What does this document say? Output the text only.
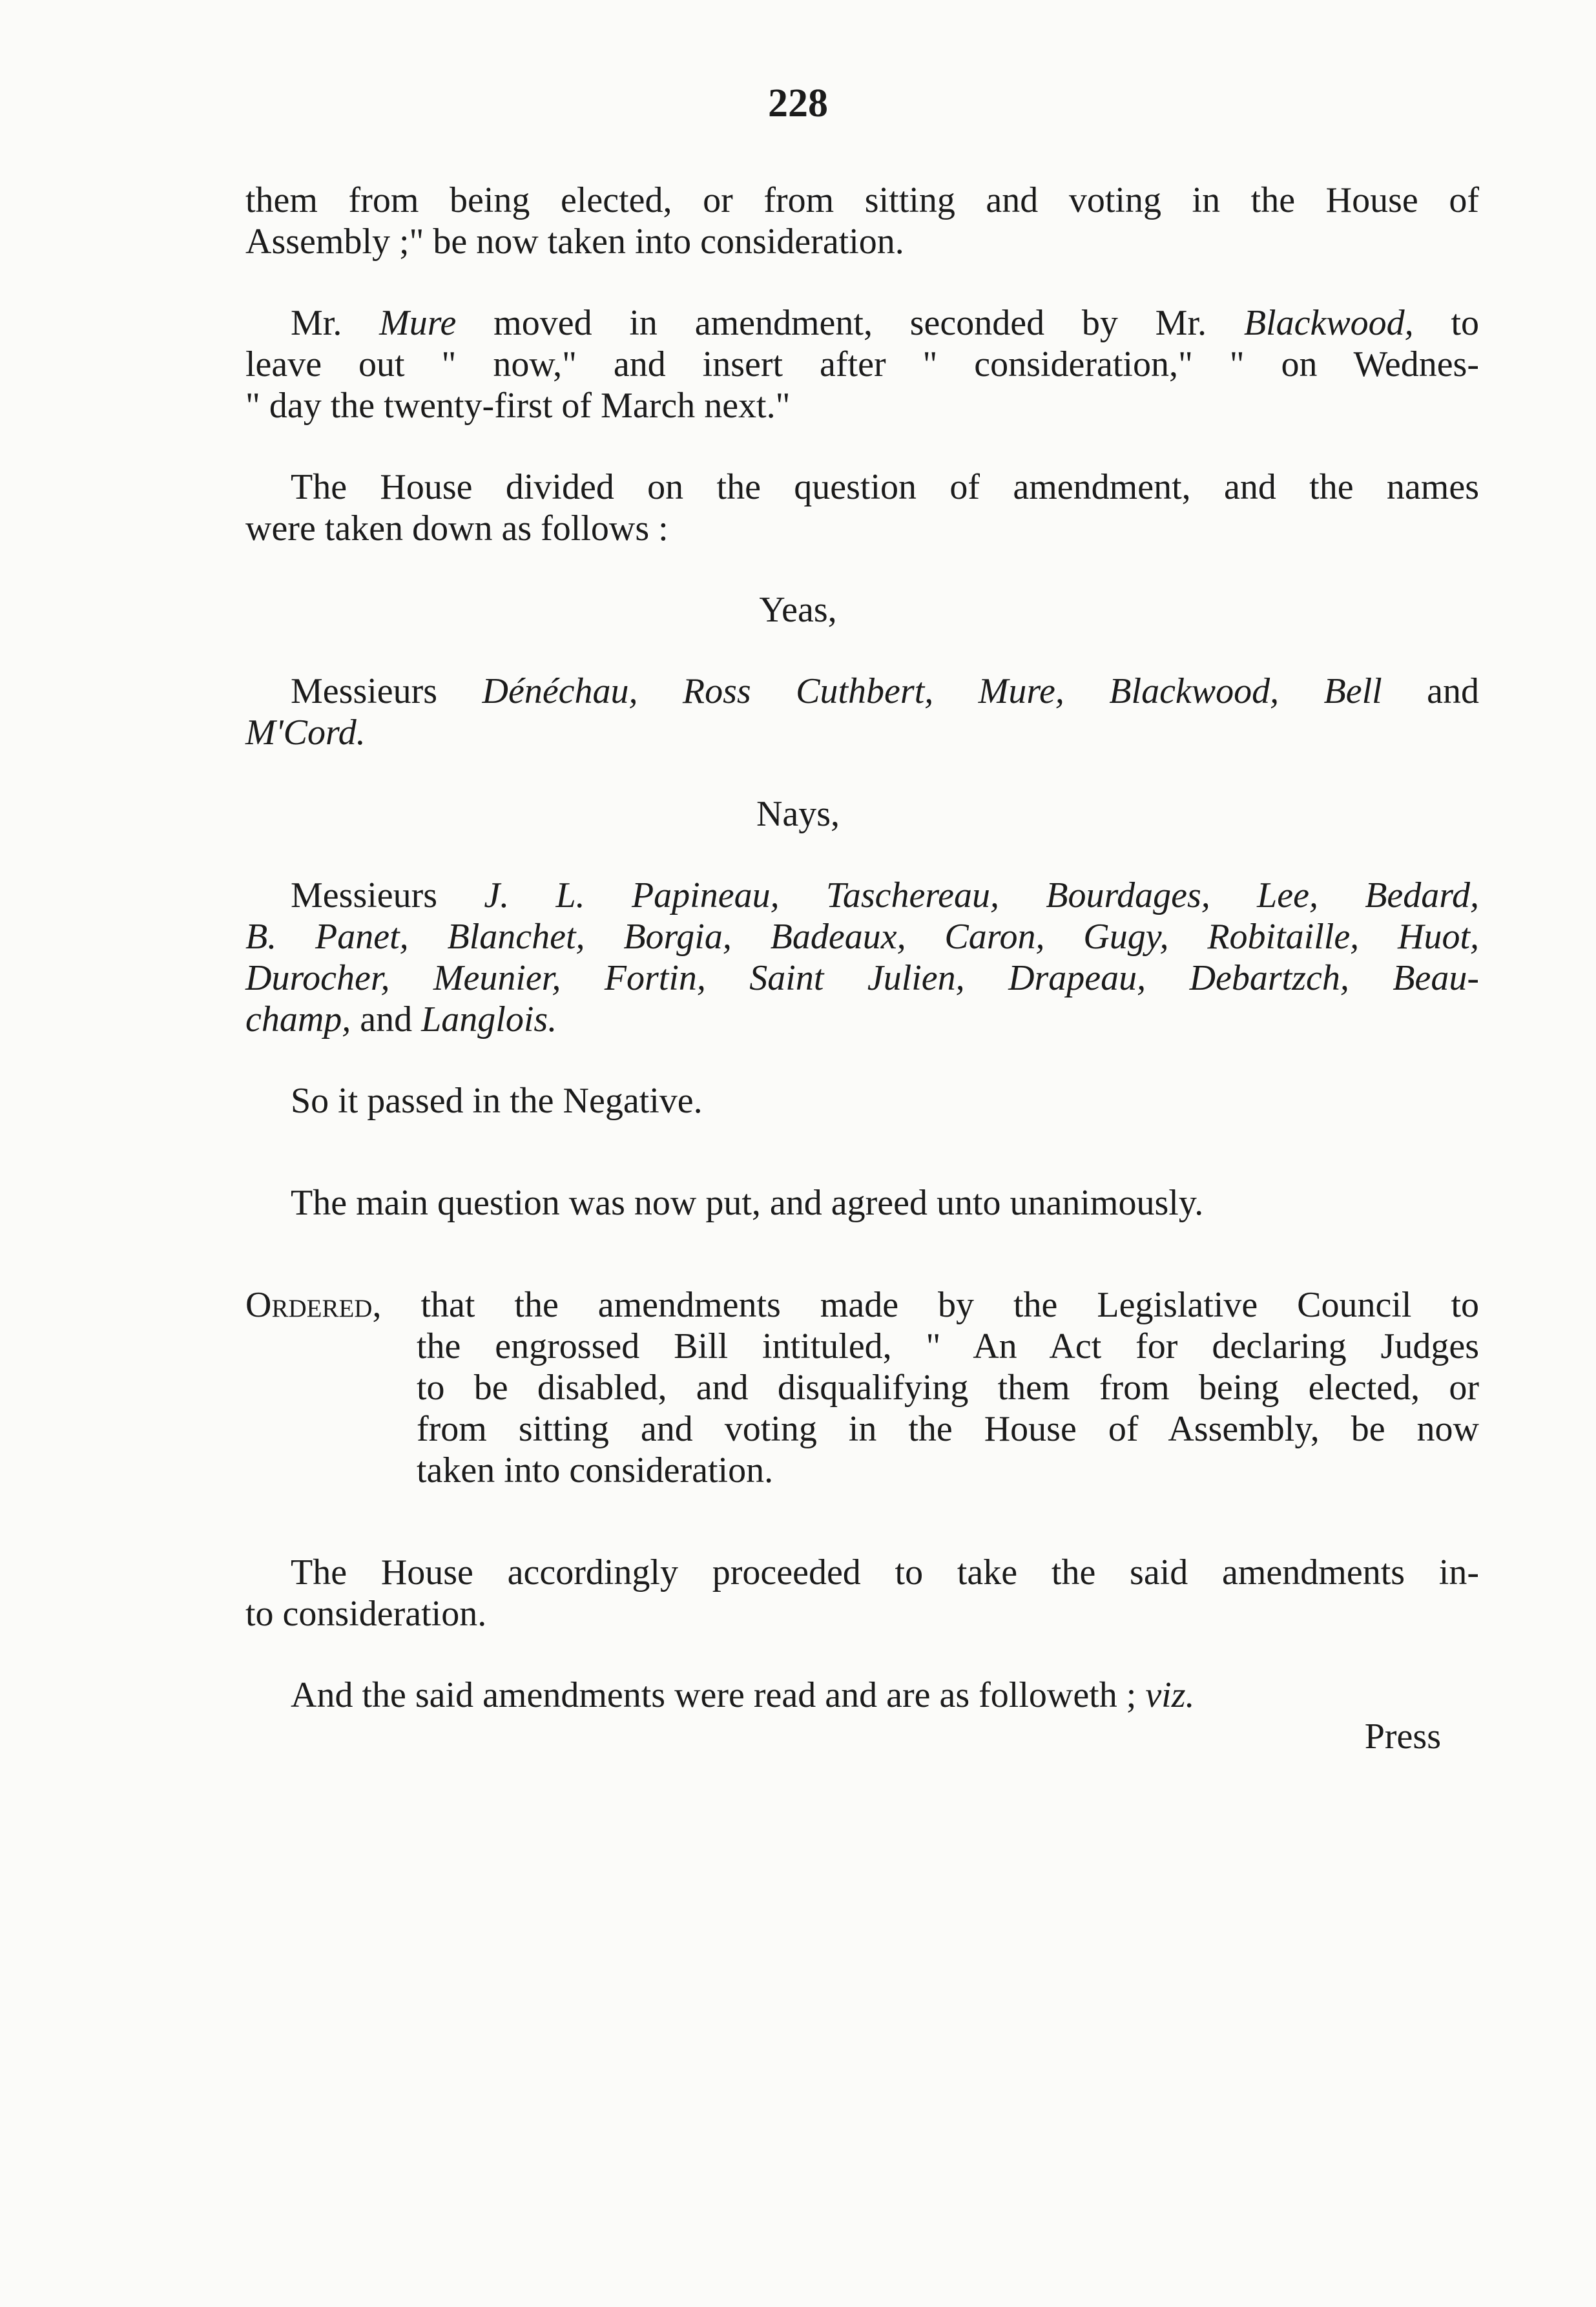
228
them from being elected, or from sitting and voting in the House of
Assembly ;" be now taken into consideration.
Mr. Mure moved in amendment, seconded by Mr. Blackwood, to
leave out " now," and insert after " consideration," " on Wednes-
" day the twenty-first of March next."
The House divided on the question of amendment, and the names
were taken down as follows :
Yeas,
Messieurs Dénéchau, Ross Cuthbert, Mure, Blackwood, Bell and
M'Cord.
Nays,
Messieurs J. L. Papineau, Taschereau, Bourdages, Lee, Bedard,
B. Panet, Blanchet, Borgia, Badeaux, Caron, Gugy, Robitaille, Huot,
Durocher, Meunier, Fortin, Saint Julien, Drapeau, Debartzch, Beau-
champ, and Langlois.
So it passed in the Negative.
The main question was now put, and agreed unto unanimously.
Ordered, that the amendments made by the Legislative Council to
the engrossed Bill intituled, " An Act for declaring Judges
to be disabled, and disqualifying them from being elected, or
from sitting and voting in the House of Assembly, be now
taken into consideration.
The House accordingly proceeded to take the said amendments in-
to consideration.
And the said amendments were read and are as followeth ; viz.
Press
